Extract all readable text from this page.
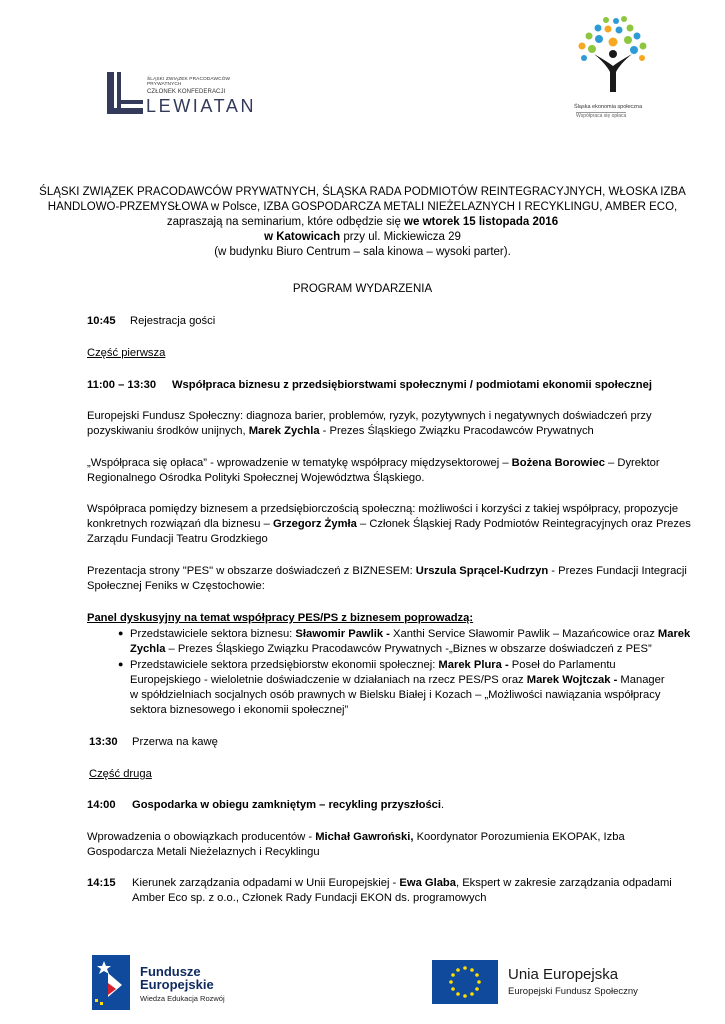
ŚLĄSKI ZWIĄZEK PRACODAWCÓW PRYWATNYCH
CZŁONEK KONFEDERACJI
LEWIATAN	Śląska ekonomia społeczna
Współpraca się opłaca
ŚLĄSKI ZWIĄZEK PRACODAWCÓW PRYWATNYCH, ŚLĄSKA RADA PODMIOTÓW REINTEGRACYJNYCH, WŁOSKA IZBA
HANDLOWO-PRZEMYSŁOWA w Polsce, IZBA GOSPODARCZA METALI NIEŻELAZNYCH I RECYKLINGU, AMBER ECO,
zapraszają na seminarium, które odbędzie się we wtorek 15 listopada 2016
w Katowicach przy ul. Mickiewicza 29
(w budynku Biuro Centrum – sala kinowa – wysoki parter).
PROGRAM WYDARZENIA
10:45 Rejestracja gości
Część pierwsza
11:00 – 13:30 Współpraca biznesu z przedsiębiorstwami społecznymi / podmiotami ekonomii społecznej
Europejski Fundusz Społeczny: diagnoza barier, problemów, ryzyk, pozytywnych i negatywnych doświadczeń przy
pozyskiwaniu środków unijnych, Marek Zychla - Prezes Śląskiego Związku Pracodawców Prywatnych
„Współpraca się opłaca” - wprowadzenie w tematykę współpracy międzysektorowej – Bożena Borowiec – Dyrektor
Regionalnego Ośrodka Polityki Społecznej Województwa Śląskiego.
Współpraca pomiędzy biznesem a przedsiębiorczością społeczną: możliwości i korzyści z takiej współpracy, propozycje
konkretnych rozwiązań dla biznesu – Grzegorz Żymła – Członek Śląskiej Rady Podmiotów Reintegracyjnych oraz Prezes
Zarządu Fundacji Teatru Grodzkiego
Prezentacja strony "PES" w obszarze doświadczeń z BIZNESEM: Urszula Sprącel-Kudrzyn - Prezes Fundacji Integracji
Społecznej Feniks w Częstochowie:
Panel dyskusyjny na temat współpracy PES/PS z biznesem poprowadzą:
● Przedstawiciele sektora biznesu: Sławomir Pawlik - Xanthi Service Sławomir Pawlik – Mazańcowice oraz Marek
Zychla – Prezes Śląskiego Związku Pracodawców Prywatnych -„Biznes w obszarze doświadczeń z PES”
● Przedstawiciele sektora przedsiębiorstw ekonomii społecznej: Marek Plura - Poseł do Parlamentu
Europejskiego - wieloletnie doświadczenie w działaniach na rzecz PES/PS oraz Marek Wojtczak - Manager
w spółdzielniach socjalnych osób prawnych w Bielsku Białej i Kozach – „Możliwości nawiązania współpracy
sektora biznesowego i ekonomii społecznej”
13:30 Przerwa na kawę
Część druga
14:00 Gospodarka w obiegu zamkniętym – recykling przyszłości.
Wprowadzenia o obowiązkach producentów - Michał Gawroński, Koordynator Porozumienia EKOPAK, Izba
Gospodarcza Metali Nieżelaznych i Recyklingu
14:15 Kierunek zarządzania odpadami w Unii Europejskiej - Ewa Glaba, Ekspert w zakresie zarządzania odpadami
Amber Eco sp. z o.o., Członek Rady Fundacji EKON ds. programowych
Fundusze
Europejskie
Wiedza Edukacja Rozwój
Unia Europejska
Europejski Fundusz Społeczny
